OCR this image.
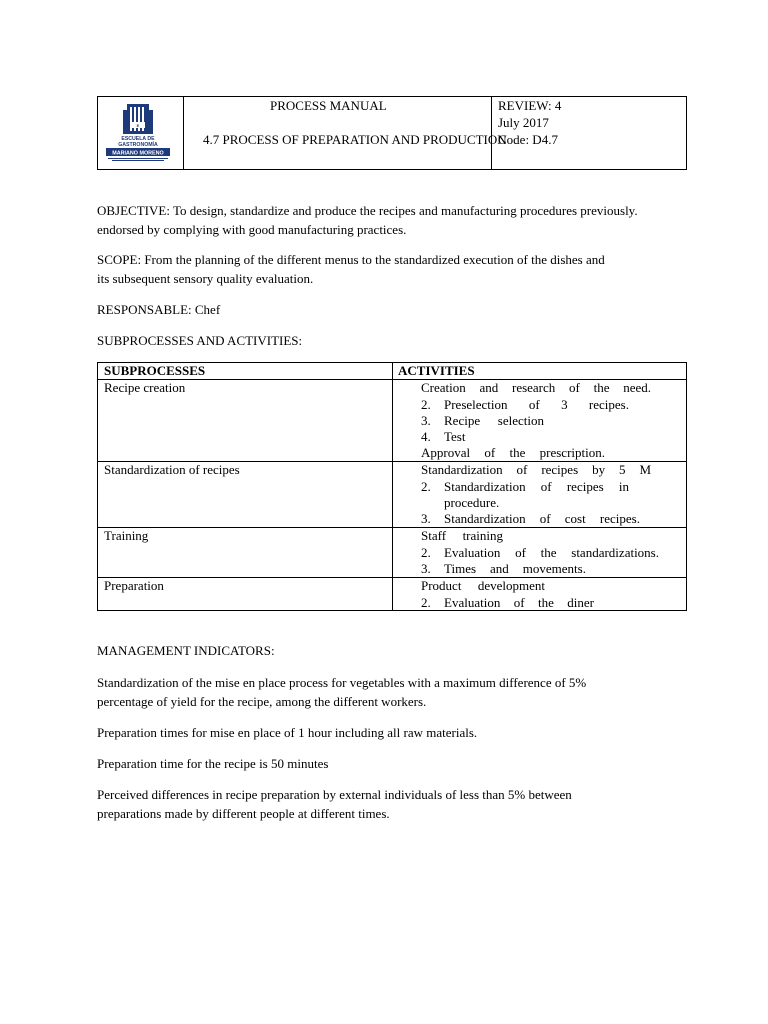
E
ESCUELA DE
GASTRONOMÍA
MARIANO MORENO
PROCESS MANUAL
4.7 PROCESS OF PREPARATION AND PRODUCTION
REVIEW: 4
July 2017
Code: D4.7

OBJECTIVE: To design, standardize and produce the recipes and manufacturing procedures previously.

endorsed by complying with good manufacturing practices.

SCOPE: From the planning of the different menus to the standardized execution of the dishes and

its subsequent sensory quality evaluation.

RESPONSABLE: Chef

SUBPROCESSES AND ACTIVITIES:

SUBPROCESSES	ACTIVITIES
Recipe creation	Creation and research of the need.
2. Preselection of 3 recipes.
3. Recipe selection
4. Test
Approval of the prescription.
Standardization of recipes	Standardization of recipes by 5 M
2. Standardization of recipes in
procedure.
3. Standardization of cost recipes.
Training	Staff training
2. Evaluation of the standardizations.
3. Times and movements.
Preparation	Product development
2. Evaluation of the diner

MANAGEMENT INDICATORS:

Standardization of the mise en place process for vegetables with a maximum difference of 5%

percentage of yield for the recipe, among the different workers.

Preparation times for mise en place of 1 hour including all raw materials.

Preparation time for the recipe is 50 minutes

Perceived differences in recipe preparation by external individuals of less than 5% between

preparations made by different people at different times.
